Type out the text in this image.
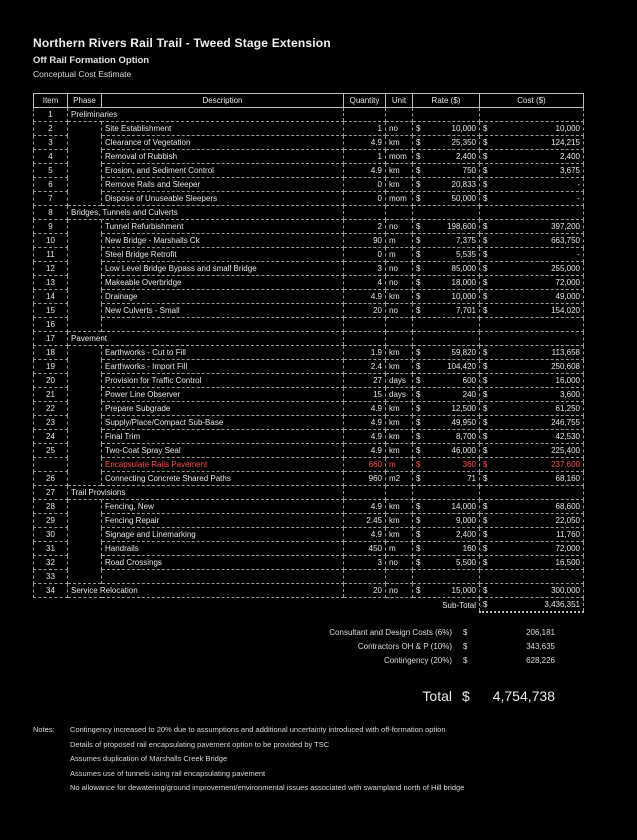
Northern Rivers Rail Trail - Tweed Stage Extension
Off Rail Formation Option
Conceptual Cost Estimate
Item	Phase	Description	Quantity	Unit	Rate ($)	Cost ($)
1	Preliminaries					
2		Site Establishment	1	no	$ 10,000	$ 10,000
3		Clearance of Vegetation	4.9	km	$ 25,350	$ 124,215
4		Removal of Rubbish	1	mom	$ 2,400	$ 2,400
5		Erosion, and Sediment Control	4.9	km	$ 750	$ 3,675
6		Remove Rails and Sleeper	0	km	$ 20,833	$ -
7		Dispose of Unuseable Sleepers	0	mom	$ 50,000	$ -
8	Bridges, Tunnels and Culverts					
9		Tunnel Refurbishment	2	no	$ 198,600	$ 397,200
10		New Bridge - Marshalls Ck	90	m	$ 7,375	$ 663,750
11		Steel Bridge Retrofit	0	m	$ 5,535	$ -
12		Low Level Bridge Bypass and small Bridge	3	no	$ 85,000	$ 255,000
13		Makeable Overbridge	4	no	$ 18,000	$ 72,000
14		Drainage	4.9	km	$ 10,000	$ 49,000
15		New Culverts - Small	20	no	$ 7,701	$ 154,020
16						
17	Pavement					
18		Earthworks - Cut to Fill	1.9	km	$ 59,820	$ 113,658
19		Earthworks - Import Fill	2.4	km	$ 104,420	$ 250,608
20		Provision for Traffic Control	27	days	$ 600	$ 16,000
21		Power Line Observer	15	days	$ 240	$ 3,600
22		Prepare Subgrade	4.9	km	$ 12,500	$ 61,250
23		Supply/Place/Compact Sub-Base	4.9	km	$ 49,950	$ 246,755
24		Final Trim	4.9	km	$ 8,700	$ 42,530
25		Two-Coat Spray Seal	4.9	km	$ 46,000	$ 225,400
		Encapsulate Rails Pavement	660	m	$ 360	$ 237,600
26		Connecting Concrete Shared Paths	960	m2	$ 71	$ 68,160
27	Trail Provisions					
28		Fencing, New	4.9	km	$ 14,000	$ 68,600
29		Fencing Repair	2.45	km	$ 9,000	$ 22,050
30		Signage and Linemarking	4.9	km	$ 2,400	$ 11,760
31		Handrails	450	m	$ 160	$ 72,000
32		Road Crossings	3	no	$ 5,500	$ 16,500
33						
34	Service Relocation		20	no	$ 15,000	$ 300,000
					Sub-Total	$ 3,436,351
Consultant and Design Costs (6%) $	206,181
Contractors OH & P (10%) $	343,635
Contingency (20%) $	628,226
Total $ 4,754,738
Notes: Contingency increased to 20% due to assumptions and additional uncertainty introduced with off-formation option
Details of proposed rail encapsulating pavement option to be provided by TSC
Assumes duplication of Marshalls Creek Bridge
Assumes use of tunnels using rail encapsulating pavement
No allowance for dewatering/ground improvement/environmental issues associated with swampland north of Hill bridge
